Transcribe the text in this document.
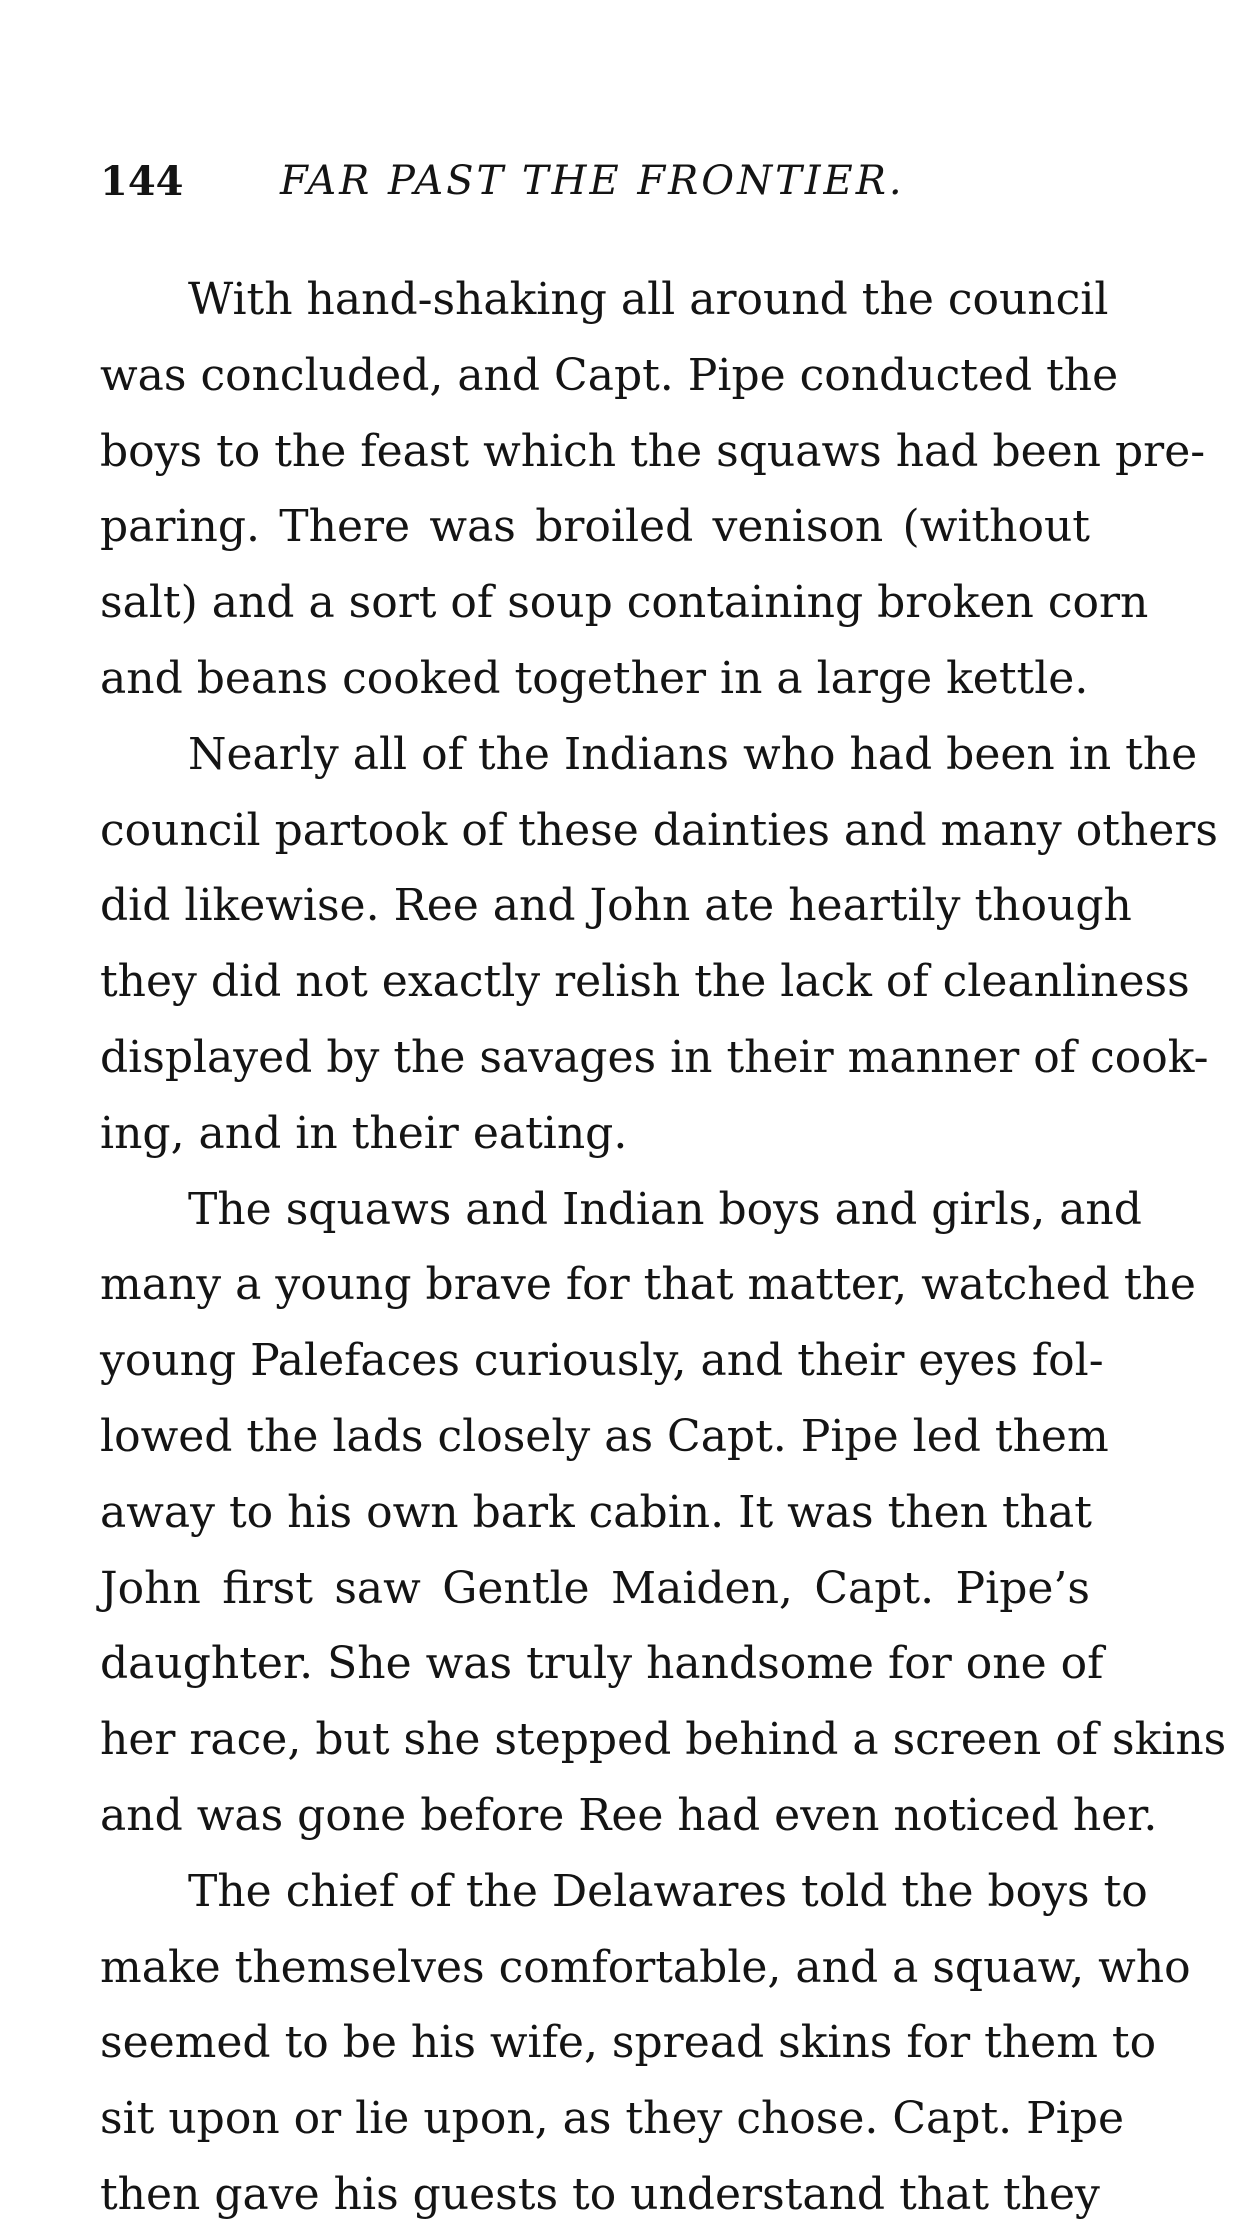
144 FAR PAST THE FRONTIER.
With hand-shaking all around the council
was concluded, and Capt. Pipe conducted the
boys to the feast which the squaws had been pre-
paring. There was broiled venison (without
salt) and a sort of soup containing broken corn
and beans cooked together in a large kettle.
Nearly all of the Indians who had been in the
council partook of these dainties and many others
did likewise. Ree and John ate heartily though
they did not exactly relish the lack of cleanliness
displayed by the savages in their manner of cook-
ing, and in their eating.
The squaws and Indian boys and girls, and
many a young brave for that matter, watched the
young Palefaces curiously, and their eyes fol-
lowed the lads closely as Capt. Pipe led them
away to his own bark cabin. It was then that
John first saw Gentle Maiden, Capt. Pipe’s
daughter. She was truly handsome for one of
her race, but she stepped behind a screen of skins
and was gone before Ree had even noticed her.
The chief of the Delawares told the boys to
make themselves comfortable, and a squaw, who
seemed to be his wife, spread skins for them to
sit upon or lie upon, as they chose. Capt. Pipe
then gave his guests to understand that they
